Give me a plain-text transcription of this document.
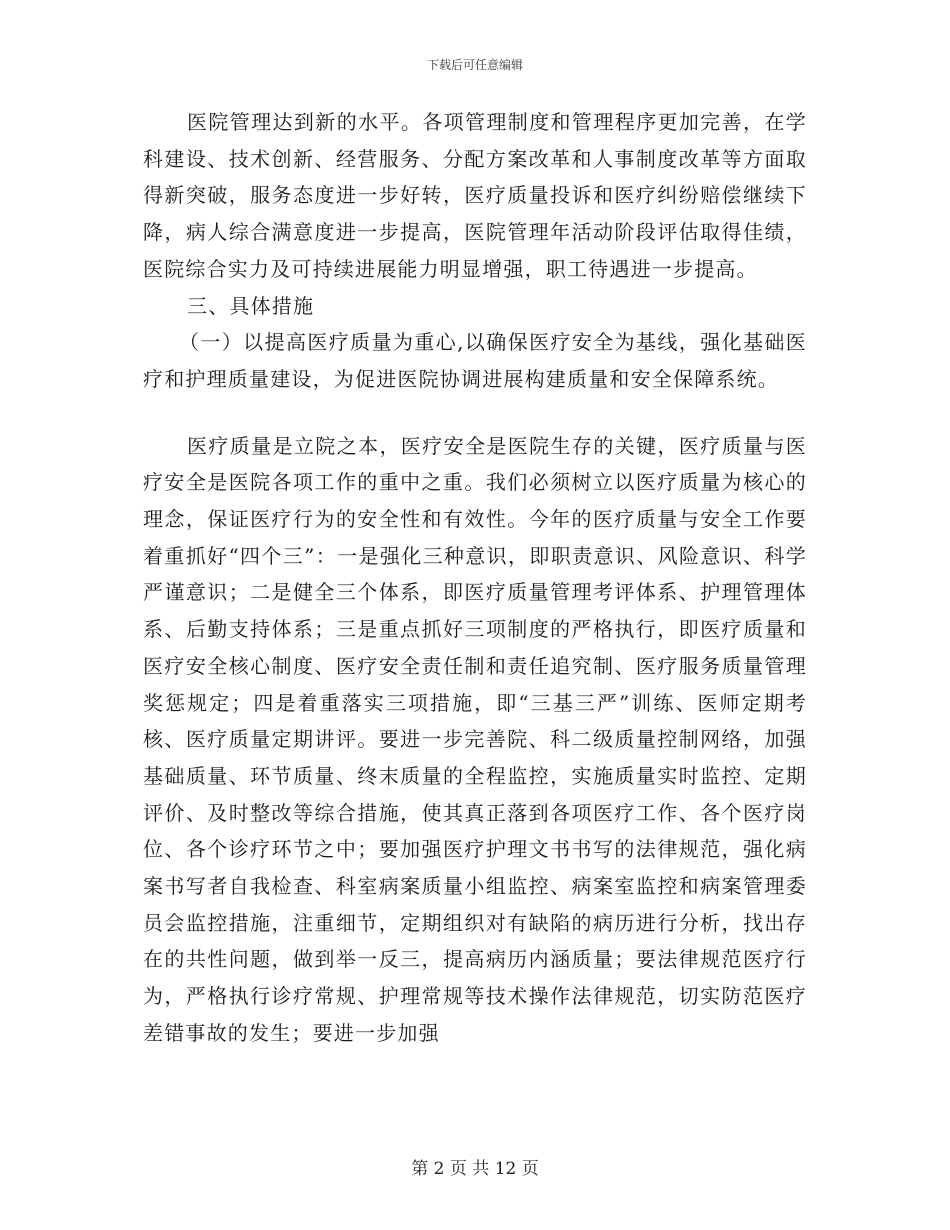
下载后可任意编辑

医院管理达到新的水平。各项管理制度和管理程序更加完善，在学科建设、技术创新、经营服务、分配方案改革和人事制度改革等方面取得新突破，服务态度进一步好转，医疗质量投诉和医疗纠纷赔偿继续下降，病人综合满意度进一步提高，医院管理年活动阶段评估取得佳绩，医院综合实力及可持续进展能力明显增强，职工待遇进一步提高。

三、具体措施

（一）以提高医疗质量为重心,以确保医疗安全为基线，强化基础医疗和护理质量建设，为促进医院协调进展构建质量和安全保障系统。

医疗质量是立院之本，医疗安全是医院生存的关键，医疗质量与医疗安全是医院各项工作的重中之重。我们必须树立以医疗质量为核心的理念，保证医疗行为的安全性和有效性。今年的医疗质量与安全工作要着重抓好“四个三”：一是强化三种意识，即职责意识、风险意识、科学严谨意识；二是健全三个体系，即医疗质量管理考评体系、护理管理体系、后勤支持体系；三是重点抓好三项制度的严格执行，即医疗质量和医疗安全核心制度、医疗安全责任制和责任追究制、医疗服务质量管理奖惩规定；四是着重落实三项措施，即“三基三严”训练、医师定期考核、医疗质量定期讲评。要进一步完善院、科二级质量控制网络，加强基础质量、环节质量、终末质量的全程监控，实施质量实时监控、定期评价、及时整改等综合措施，使其真正落到各项医疗工作、各个医疗岗位、各个诊疗环节之中；要加强医疗护理文书书写的法律规范，强化病案书写者自我检查、科室病案质量小组监控、病案室监控和病案管理委员会监控措施，注重细节，定期组织对有缺陷的病历进行分析，找出存在的共性问题，做到举一反三，提高病历内涵质量；要法律规范医疗行为，严格执行诊疗常规、护理常规等技术操作法律规范，切实防范医疗差错事故的发生；要进一步加强

第 2 页 共 12 页
